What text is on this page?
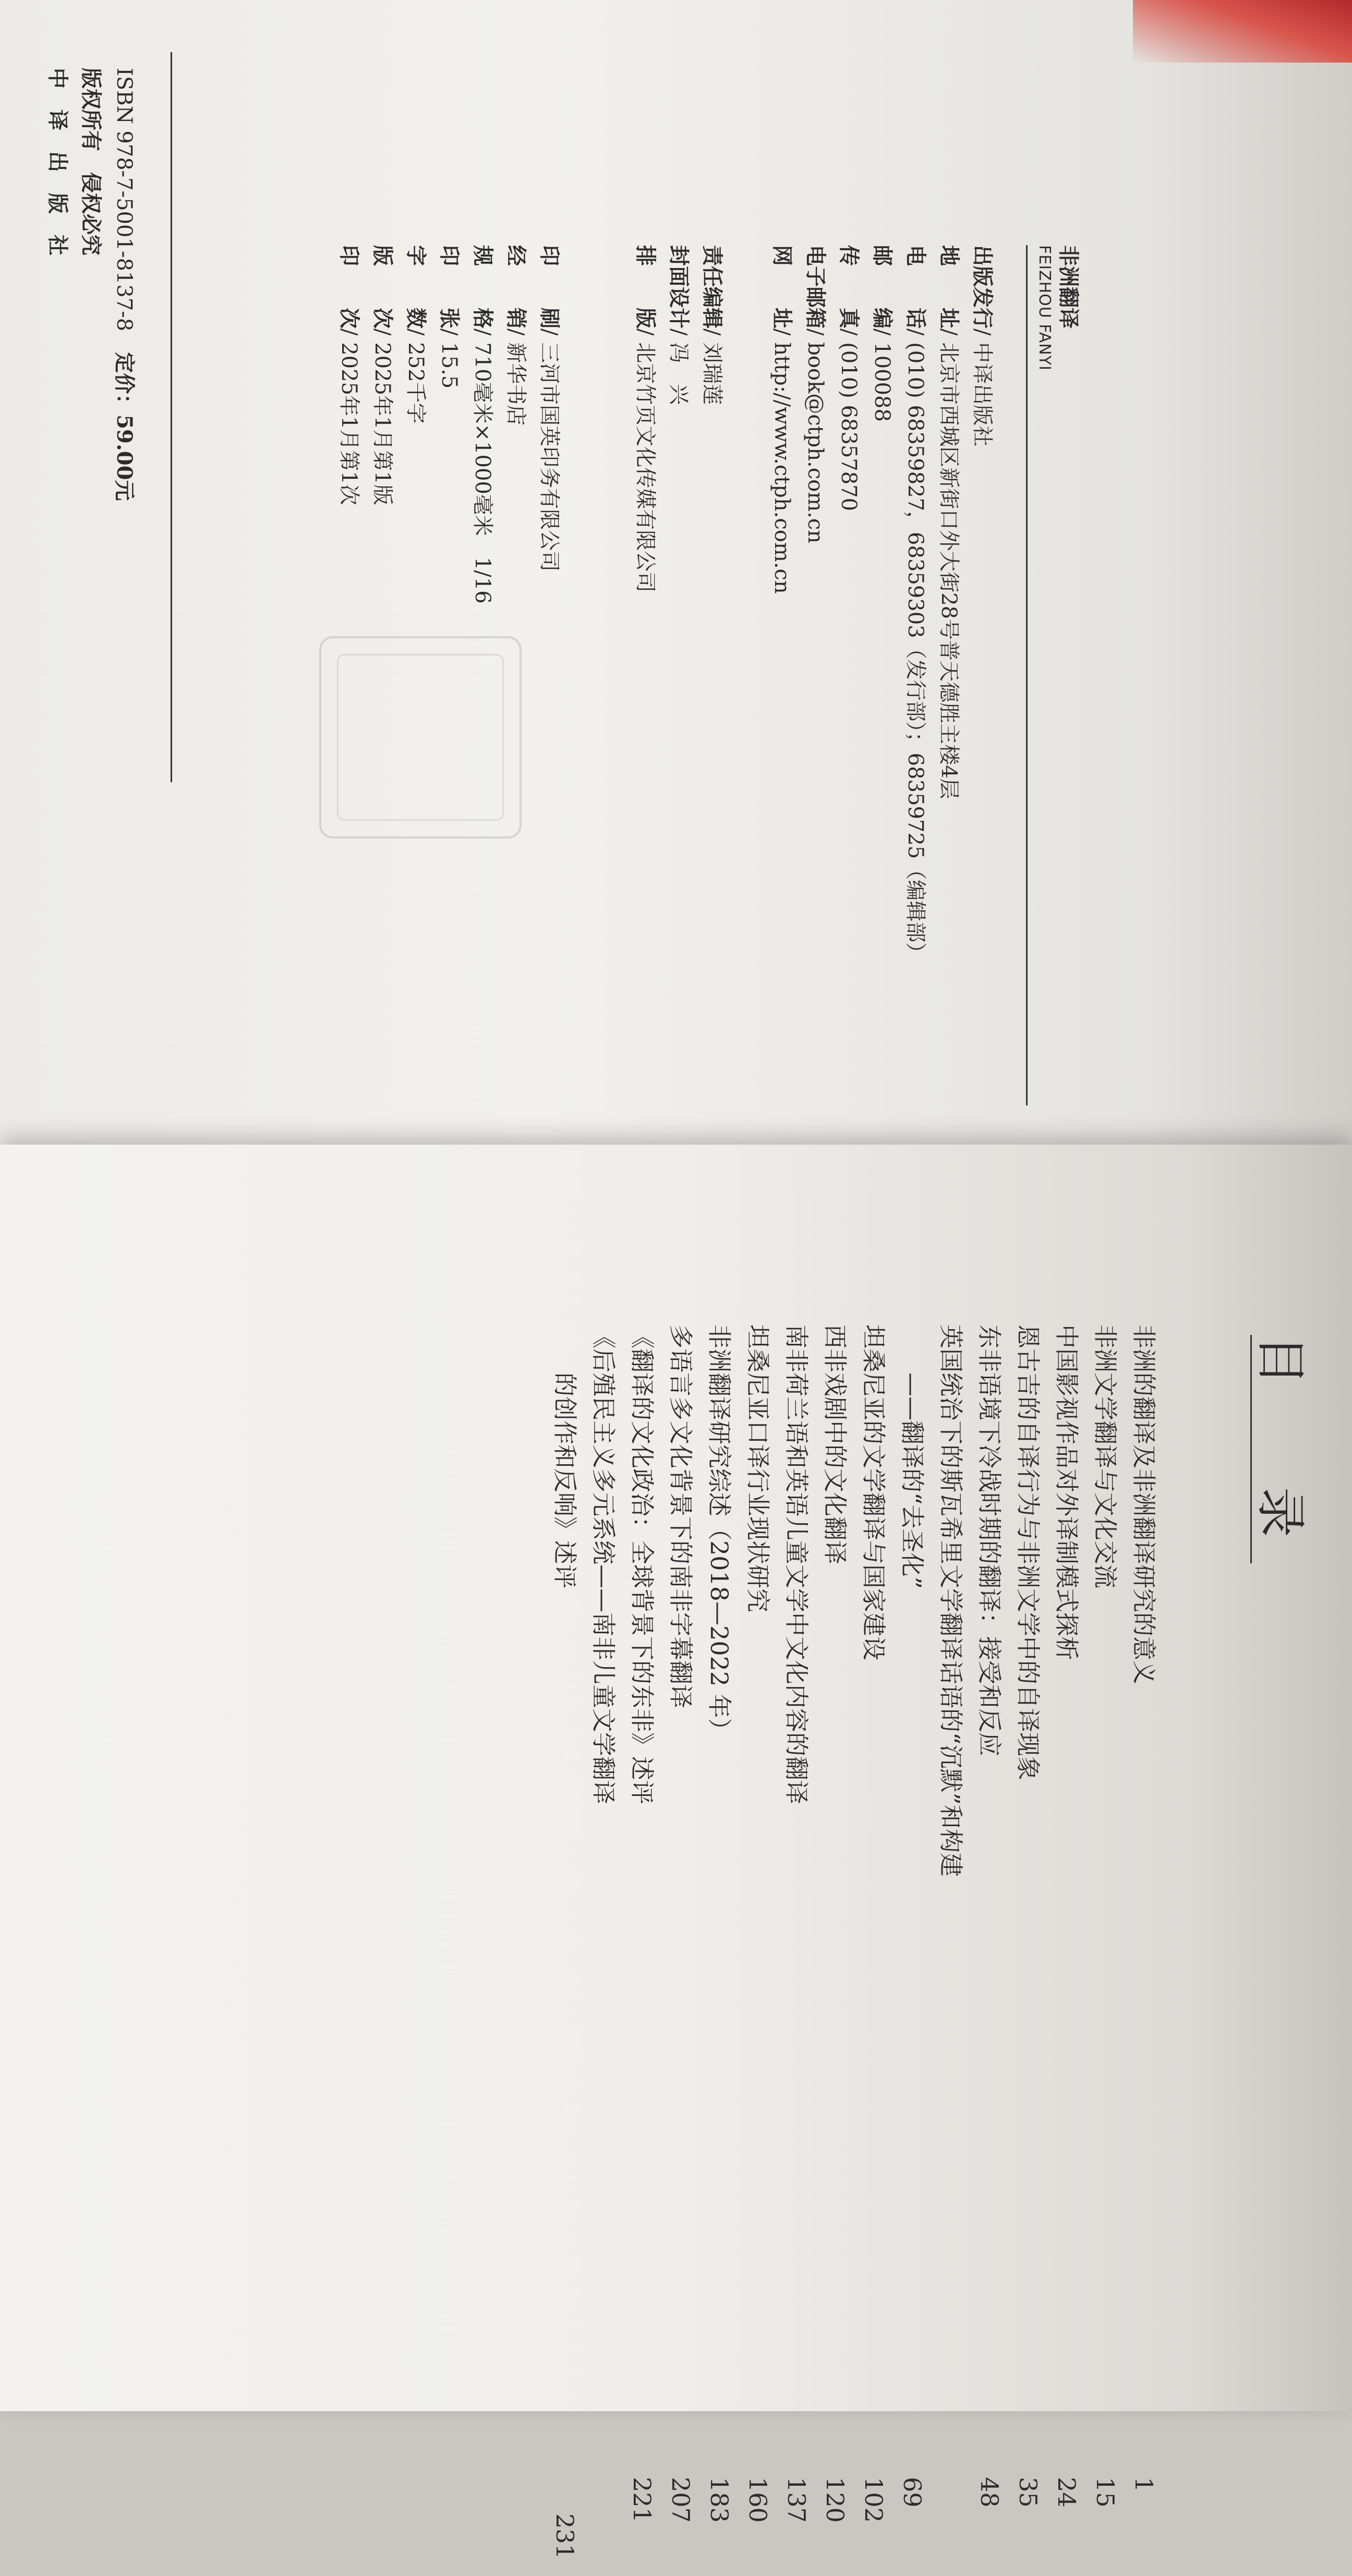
非洲翻译
FEIZHOU FANYI
出版发行/ 中译出版社
地　　址/ 北京市西城区新街口外大街28号普天德胜主楼4层
电　　话/ (010) 68359827，68359303（发行部）；68359725（编辑部）
邮　　编/ 100088
传　　真/ (010) 68357870
电子邮箱/ book@ctph.com.cn
网　　址/ http://www.ctph.com.cn
责任编辑/ 刘瑞莲
封面设计/ 冯　兴
排　　版/ 北京竹页文化传媒有限公司
印　　刷/ 三河市国英印务有限公司
经　　销/ 新华书店
规　　格/ 710毫米×1000毫米　1/16
印　　张/ 15.5
字　　数/ 252千字
版　　次/ 2025年1月第1版
印　　次/ 2025年1月第1次
ISBN 978-7-5001-8137-8　定价：59.00元
版权所有　侵权必究
中　译　出　版　社
目　录
非洲的翻译及非洲翻译研究的意义
1
非洲文学翻译与文化交流
15
中国影视作品对外译制模式探析
24
恩古吉的自译行为与非洲文学中的自译现象
35
东非语境下冷战时期的翻译：接受和反应
48
英国统治下的斯瓦希里文学翻译话语的“沉默”和构建
　　——翻译的“去圣化”
69
坦桑尼亚的文学翻译与国家建设
102
西非戏剧中的文化翻译
120
南非荷兰语和英语儿童文学中文化内容的翻译
137
坦桑尼亚口译行业现状研究
160
非洲翻译研究综述（2018—2022 年）
183
多语言多文化背景下的南非字幕翻译
207
《翻译的文化政治：全球背景下的东非》述评
221
《后殖民主义多元系统——南非儿童文学翻译
　　的创作和反响》述评
231
